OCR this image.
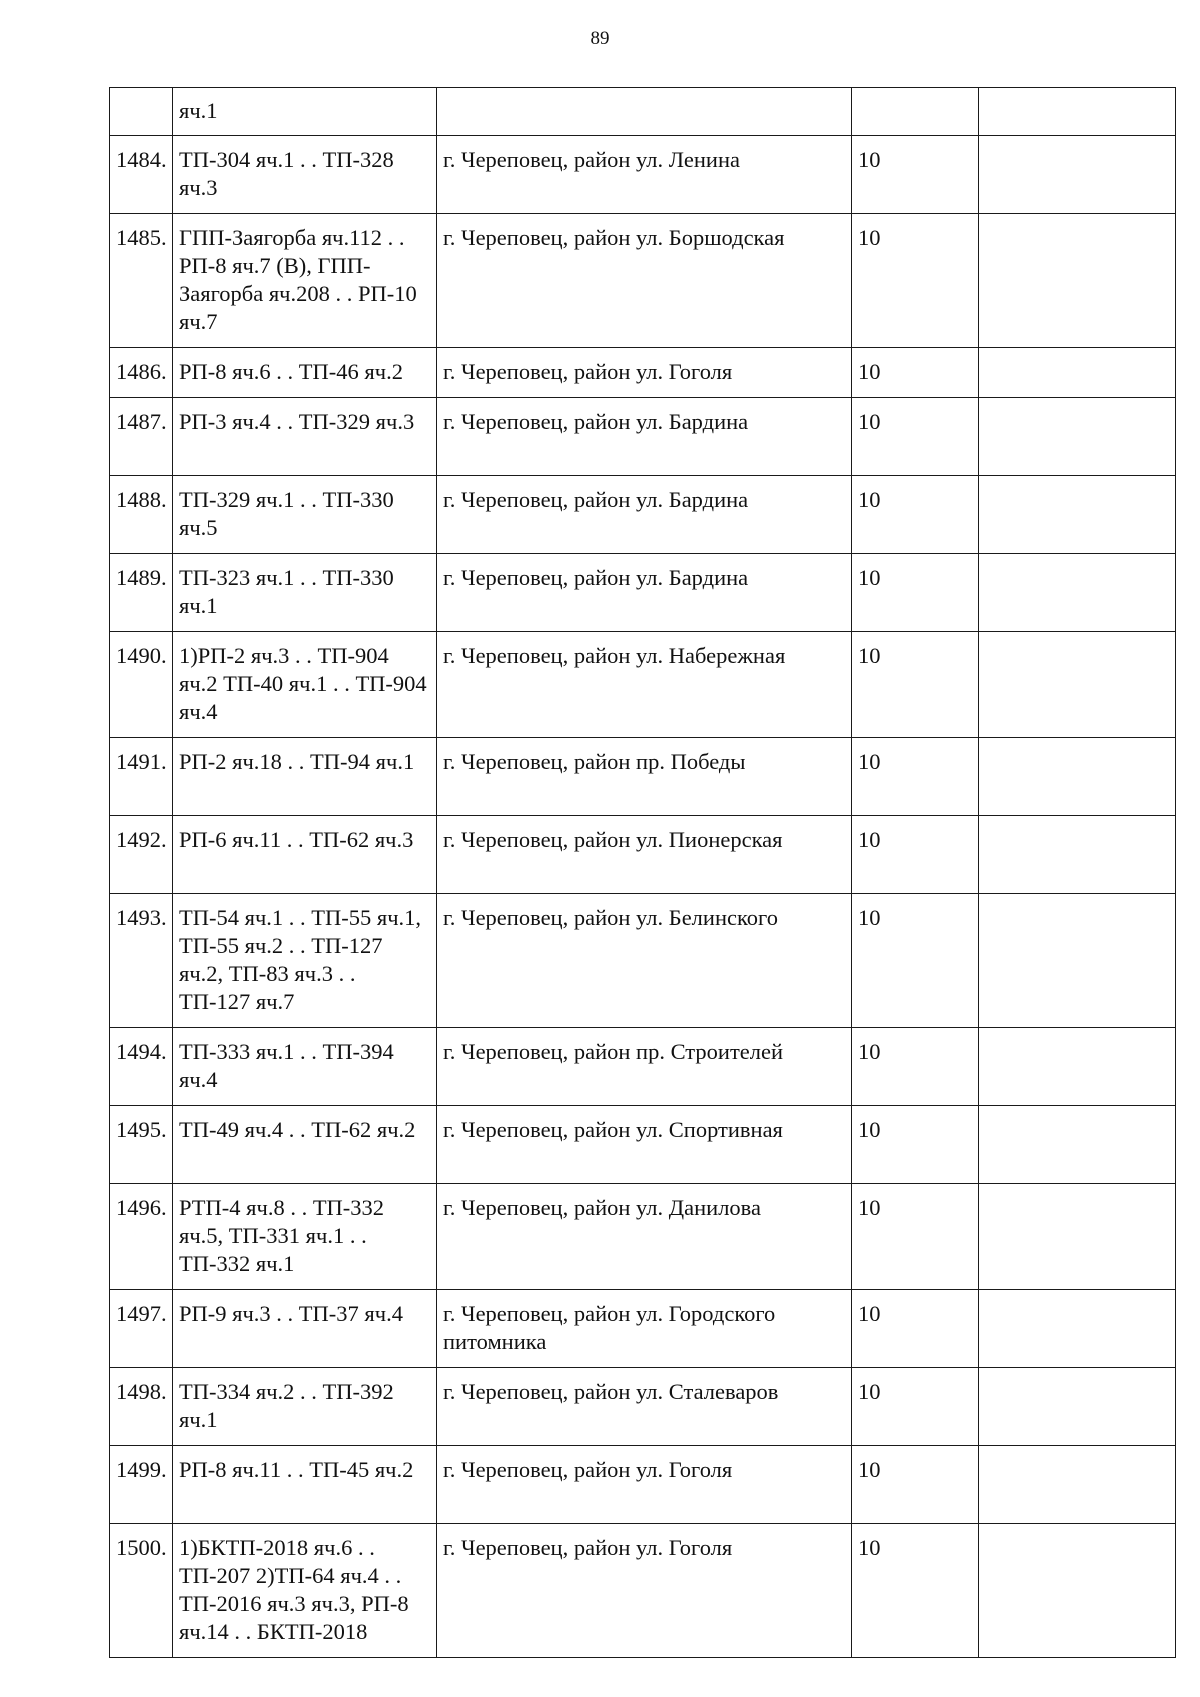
89
	яч.1			
1484.	ТП-304 яч.1 . . ТП-328 яч.3	г. Череповец, район ул. Ленина	10	
1485.	ГПП-Заягорба яч.112 . . РП-8 яч.7 (В), ГПП-Заягорба яч.208 . . РП-10 яч.7	г. Череповец, район ул. Боршодская	10	
1486.	РП-8 яч.6 . . ТП-46 яч.2	г. Череповец, район ул. Гоголя	10	
1487.	РП-3 яч.4 . . ТП-329 яч.3	г. Череповец, район ул. Бардина	10	
1488.	ТП-329 яч.1 . . ТП-330 яч.5	г. Череповец, район ул. Бардина	10	
1489.	ТП-323 яч.1 . . ТП-330 яч.1	г. Череповец, район ул. Бардина	10	
1490.	1)РП-2 яч.3 . . ТП-904 яч.2 ТП-40 яч.1 . . ТП-904 яч.4	г. Череповец, район ул. Набережная	10	
1491.	РП-2 яч.18 . . ТП-94 яч.1	г. Череповец, район пр. Победы	10	
1492.	РП-6 яч.11 . . ТП-62 яч.3	г. Череповец, район ул. Пионерская	10	
1493.	ТП-54 яч.1 . . ТП-55 яч.1, ТП-55 яч.2 . . ТП-127 яч.2, ТП-83 яч.3 . . ТП-127 яч.7	г. Череповец, район ул. Белинского	10	
1494.	ТП-333 яч.1 . . ТП-394 яч.4	г. Череповец, район пр. Строителей	10	
1495.	ТП-49 яч.4 . . ТП-62 яч.2	г. Череповец, район ул. Спортивная	10	
1496.	РТП-4 яч.8 . . ТП-332 яч.5, ТП-331 яч.1 . . ТП-332 яч.1	г. Череповец, район ул. Данилова	10	
1497.	РП-9 яч.3 . . ТП-37 яч.4	г. Череповец, район ул. Городского питомника	10	
1498.	ТП-334 яч.2 . . ТП-392 яч.1	г. Череповец, район ул. Сталеваров	10	
1499.	РП-8 яч.11 . . ТП-45 яч.2	г. Череповец, район ул. Гоголя	10	
1500.	1)БКТП-2018 яч.6 . . ТП-207 2)ТП-64 яч.4 . . ТП-2016 яч.3 яч.3, РП-8 яч.14 . . БКТП-2018	г. Череповец, район ул. Гоголя	10	
